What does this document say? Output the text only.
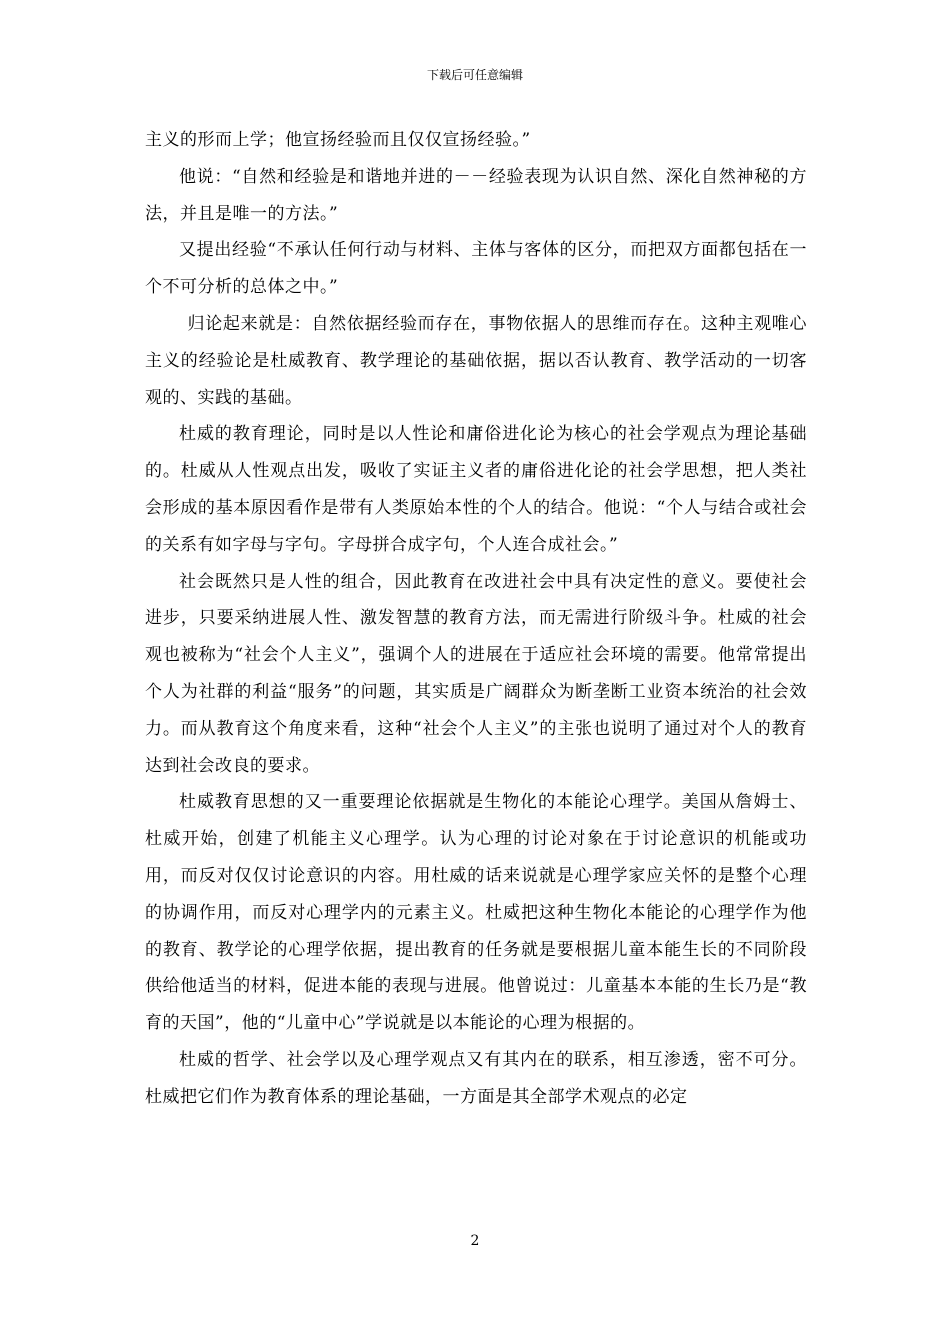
下载后可任意编辑

主义的形而上学；他宣扬经验而且仅仅宣扬经验。”

他说：“自然和经验是和谐地并进的－－经验表现为认识自然、深化自然神秘的方法，并且是唯一的方法。”

又提出经验“不承认任何行动与材料、主体与客体的区分，而把双方面都包括在一个不可分析的总体之中。”

归论起来就是：自然依据经验而存在，事物依据人的思维而存在。这种主观唯心主义的经验论是杜威教育、教学理论的基础依据，据以否认教育、教学活动的一切客观的、实践的基础。

杜威的教育理论，同时是以人性论和庸俗进化论为核心的社会学观点为理论基础的。杜威从人性观点出发，吸收了实证主义者的庸俗进化论的社会学思想，把人类社会形成的基本原因看作是带有人类原始本性的个人的结合。他说：“个人与结合或社会的关系有如字母与字句。字母拼合成字句，个人连合成社会。”

社会既然只是人性的组合，因此教育在改进社会中具有决定性的意义。要使社会进步，只要采纳进展人性、激发智慧的教育方法，而无需进行阶级斗争。杜威的社会观也被称为“社会个人主义”，强调个人的进展在于适应社会环境的需要。他常常提出个人为社群的利益“服务”的问题，其实质是广阔群众为断垄断工业资本统治的社会效力。而从教育这个角度来看，这种“社会个人主义”的主张也说明了通过对个人的教育达到社会改良的要求。

杜威教育思想的又一重要理论依据就是生物化的本能论心理学。美国从詹姆士、杜威开始，创建了机能主义心理学。认为心理的讨论对象在于讨论意识的机能或功用，而反对仅仅讨论意识的内容。用杜威的话来说就是心理学家应关怀的是整个心理的协调作用，而反对心理学内的元素主义。杜威把这种生物化本能论的心理学作为他的教育、教学论的心理学依据，提出教育的任务就是要根据儿童本能生长的不同阶段供给他适当的材料，促进本能的表现与进展。他曾说过：儿童基本本能的生长乃是“教育的天国”，他的“儿童中心”学说就是以本能论的心理为根据的。

杜威的哲学、社会学以及心理学观点又有其内在的联系，相互渗透，密不可分。杜威把它们作为教育体系的理论基础，一方面是其全部学术观点的必定

2
